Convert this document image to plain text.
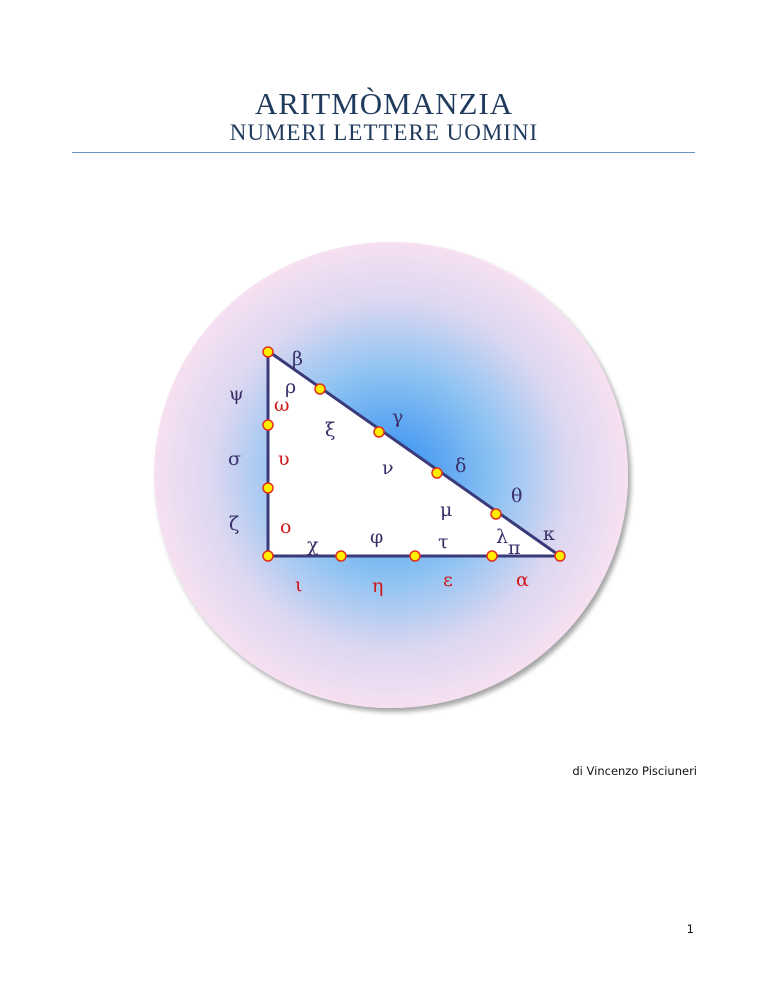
ARITMÒMANZIA
NUMERI LETTERE UOMINI
β
ρ
ψ
γ
ξ
σ	δ
ν
θ
μ
ζ	κ
χ	φ	τ λ π
ω
υ
ο
ι	η	ε	α
di Vincenzo Pisciuneri
1
